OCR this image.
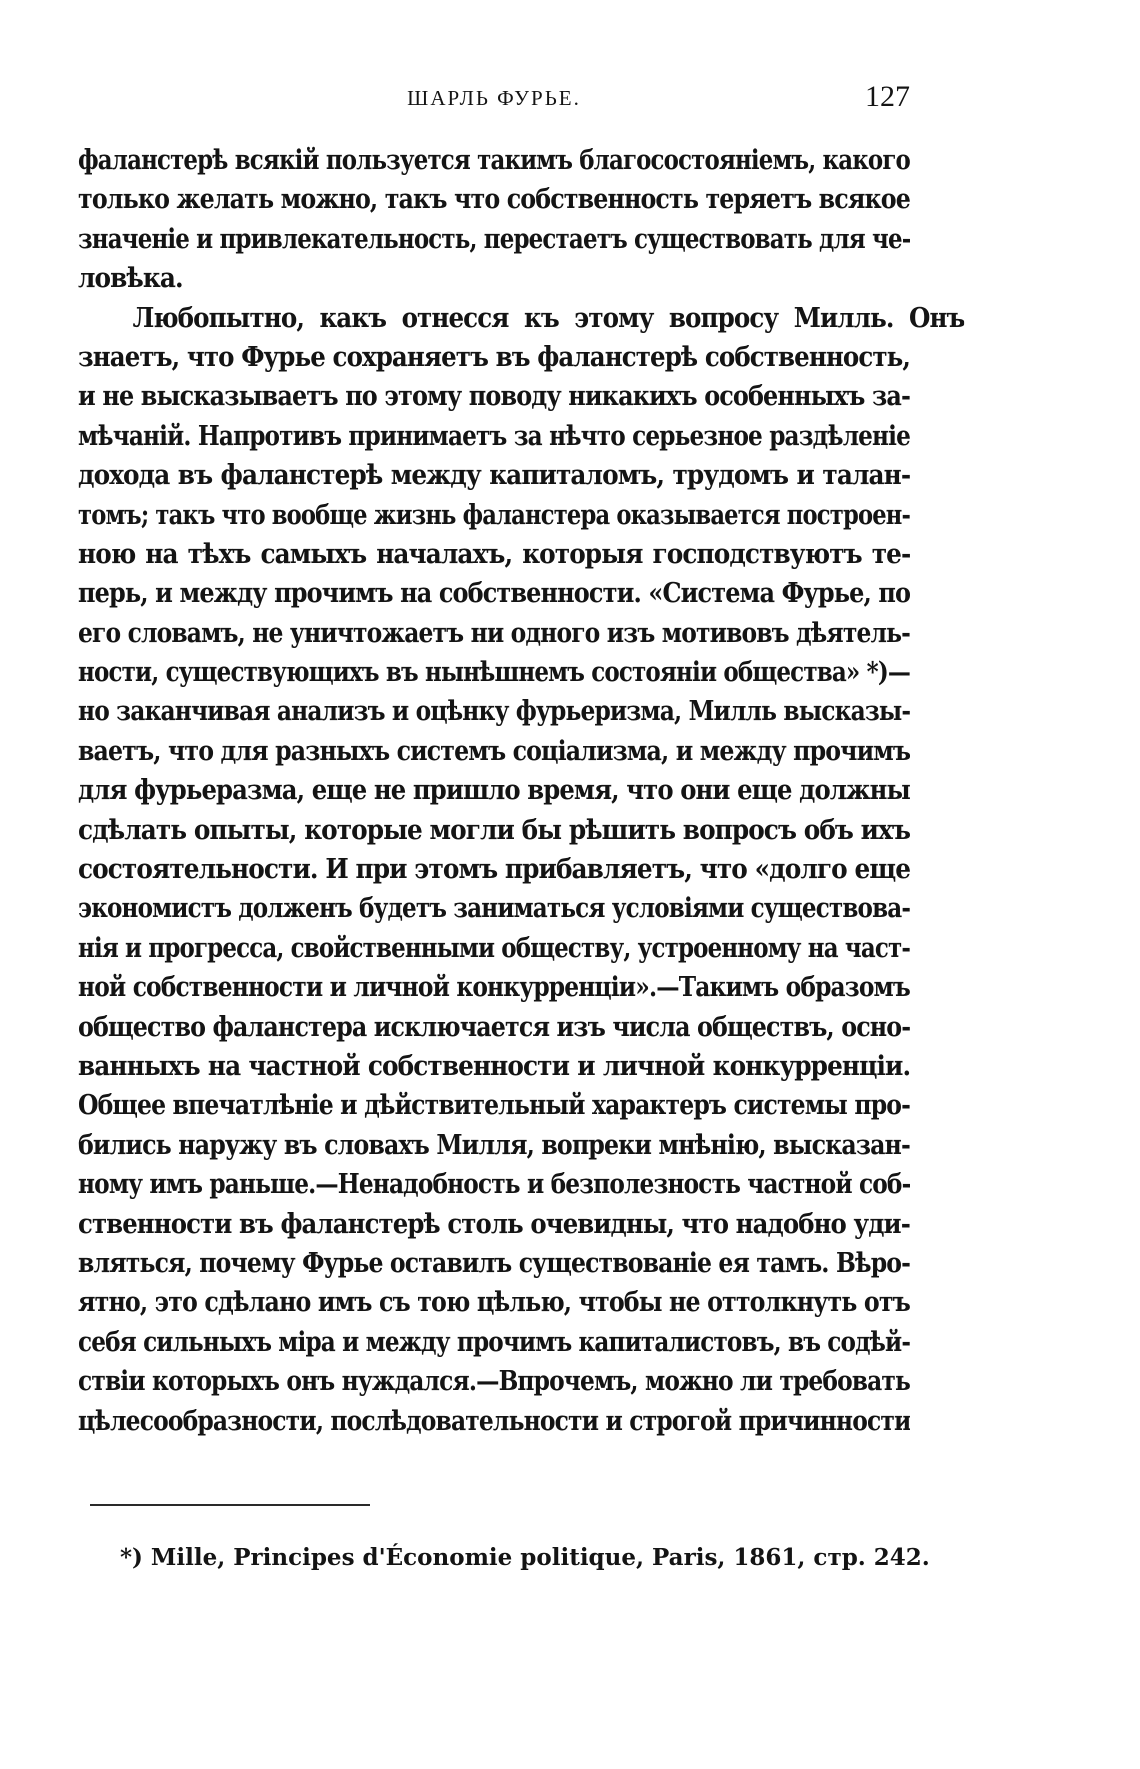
ШАРЛЬ ФУРЬЕ.	127
фаланстерѣ всякій пользуется такимъ благосостояніемъ, какого
только желать можно, такъ что собственность теряетъ всякое
значеніе и привлекательность, перестаетъ существовать для че-
ловѣка.
Любопытно, какъ отнесся къ этому вопросу Милль. Онъ
знаетъ, что Фурье сохраняетъ въ фаланстерѣ собственность,
и не высказываетъ по этому поводу никакихъ особенныхъ за-
мѣчаній. Напротивъ принимаетъ за нѣчто серьезное раздѣленіе
дохода въ фаланстерѣ между капиталомъ, трудомъ и талан-
томъ; такъ что вообще жизнь фаланстера оказывается построен-
ною на тѣхъ самыхъ началахъ, которыя господствуютъ те-
перь, и между прочимъ на собственности. «Система Фурье, по
его словамъ, не уничтожаетъ ни одного изъ мотивовъ дѣятель-
ности, существующихъ въ нынѣшнемъ состояніи общества» *)—
но заканчивая анализъ и оцѣнку фурьеризма, Милль высказы-
ваетъ, что для разныхъ системъ соціализма, и между прочимъ
для фурьеразма, еще не пришло время, что они еще должны
сдѣлать опыты, которые могли бы рѣшить вопросъ объ ихъ
состоятельности. И при этомъ прибавляетъ, что «долго еще
экономистъ долженъ будетъ заниматься условіями существова-
нія и прогресса, свойственными обществу, устроенному на част-
ной собственности и личной конкурренціи».—Такимъ образомъ
общество фаланстера исключается изъ числа обществъ, осно-
ванныхъ на частной собственности и личной конкурренціи.
Общее впечатлѣніе и дѣйствительный характеръ системы про-
бились наружу въ словахъ Милля, вопреки мнѣнію, высказан-
ному имъ раньше.—Ненадобность и безполезность частной соб-
ственности въ фаланстерѣ столь очевидны, что надобно уди-
вляться, почему Фурье оставилъ существованіе ея тамъ. Вѣро-
ятно, это сдѣлано имъ съ тою цѣлью, чтобы не оттолкнуть отъ
себя сильныхъ міра и между прочимъ капиталистовъ, въ содѣй-
ствіи которыхъ онъ нуждался.—Впрочемъ, можно ли требовать
цѣлесообразности, послѣдовательности и строгой причинности
*) Mille, Principes d'Économie politique, Paris, 1861, стр. 242.
